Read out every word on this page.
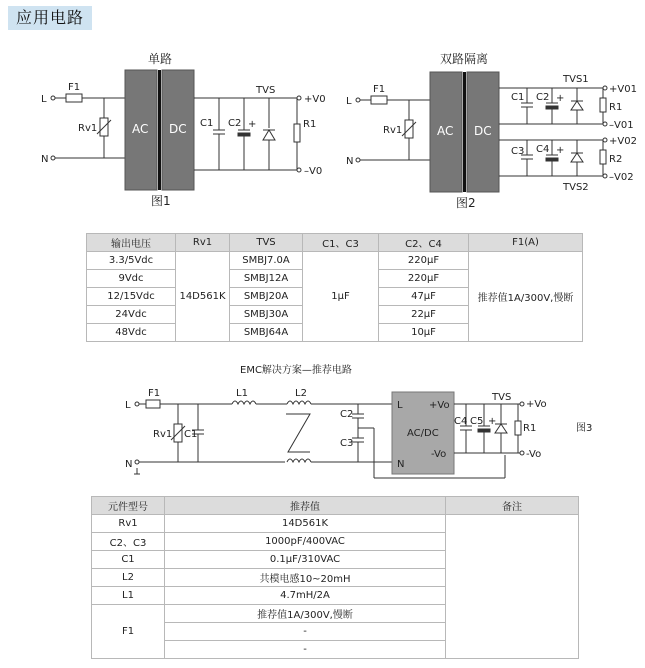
应用电路
单路
L
F1
N
Rv1	AC DC
+V0
–V0
C1 C2 +
TVS
R1
图1
双路隔离
L
F1
N
Rv1	AC DC
+V01
–V01
C1 C2 +
TVS1
R1
+V02
–V02
C3 C4 +
TVS2
R2
图2
EMC解决方案—推荐电路
L
F1
N
Rv1 C1
L1	L2
C2
C3
L
N
+Vo
-Vo
AC/DC
+Vo
-Vo
C4 C5 +
TVS
R1	图3
输出电压	Rv1	TVS	C1、C3	C2、C4	F1(A)
3.3/5Vdc	14D561K	SMBJ7.0A	1μF	220μF	推荐值1A/300V,慢断
9Vdc		SMBJ12A		220μF	
12/15Vdc		SMBJ20A		47μF	
24Vdc		SMBJ30A		22μF	
48Vdc		SMBJ64A		10μF	
元件型号	推荐值	备注
Rv1	14D561K	
C2、C3	1000pF/400VAC	
C1	0.1μF/310VAC	
L2	共模电感10~20mH	
L1	4.7mH/2A	
F1	推荐值1A/300V,慢断	
	-	
	-	
